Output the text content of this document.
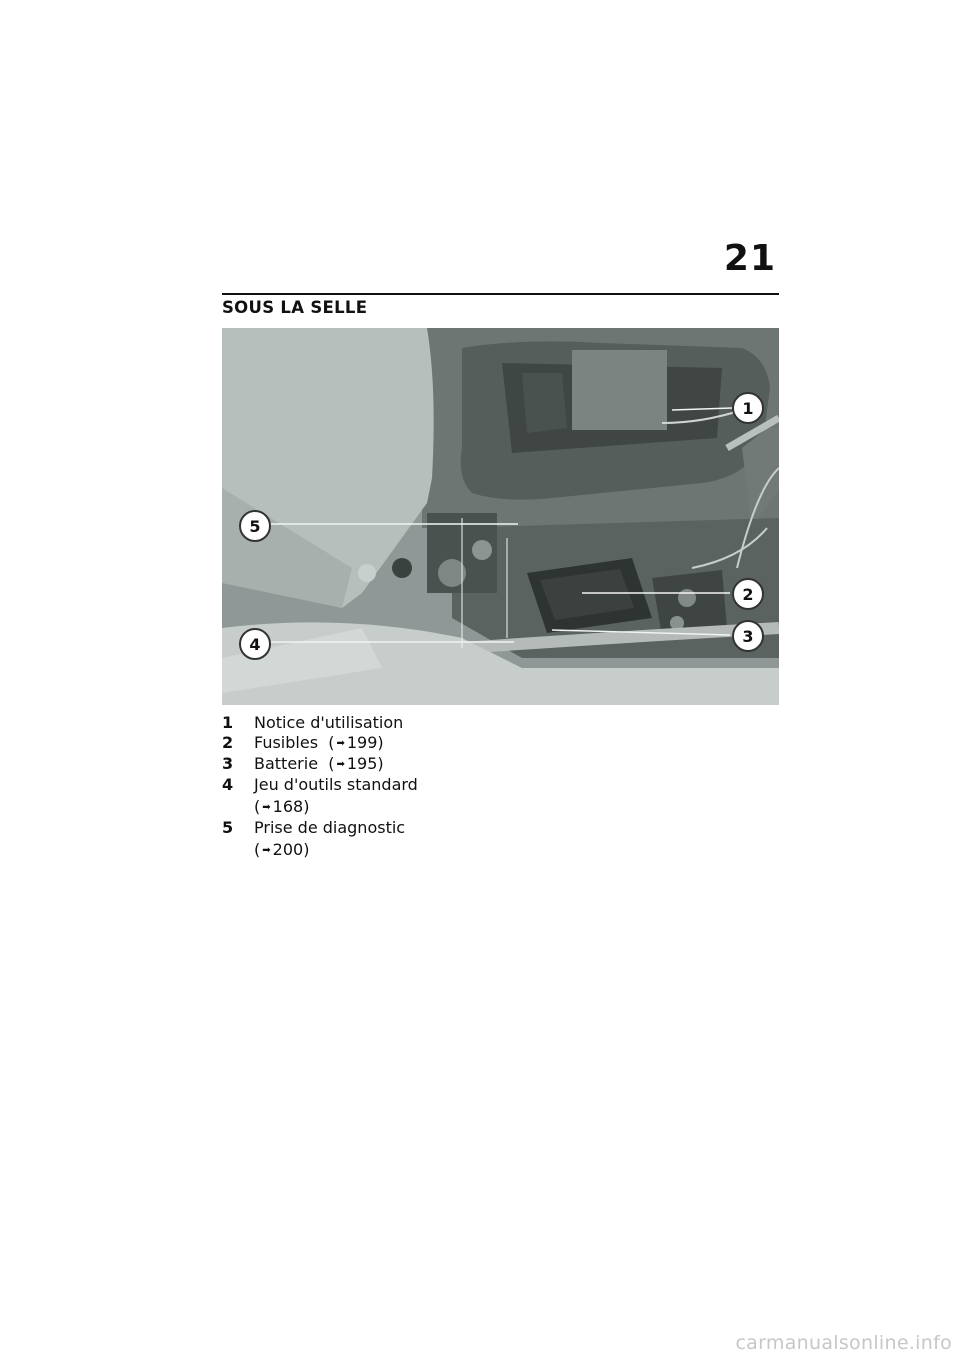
21
SOUS LA SELLE
1
2
3
4
5
1	Notice d'utilisation
2	Fusibles  ( ➡ 199)
3	Batterie  ( ➡ 195)
4	Jeu d'outils standard
( ➡ 168)
5	Prise de diagnostic
( ➡ 200)
carmanualsonline.info
